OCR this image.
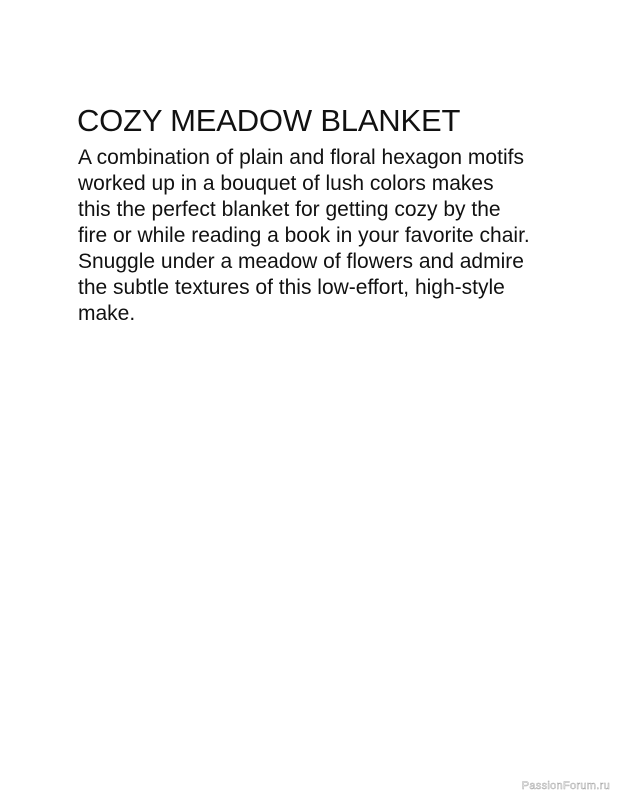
COZY MEADOW BLANKET
A combination of plain and floral hexagon motifs
worked up in a bouquet of lush colors makes
this the perfect blanket for getting cozy by the
fire or while reading a book in your favorite chair.
Snuggle under a meadow of flowers and admire
the subtle textures of this low-effort, high-style
make.
PassionForum.ru
